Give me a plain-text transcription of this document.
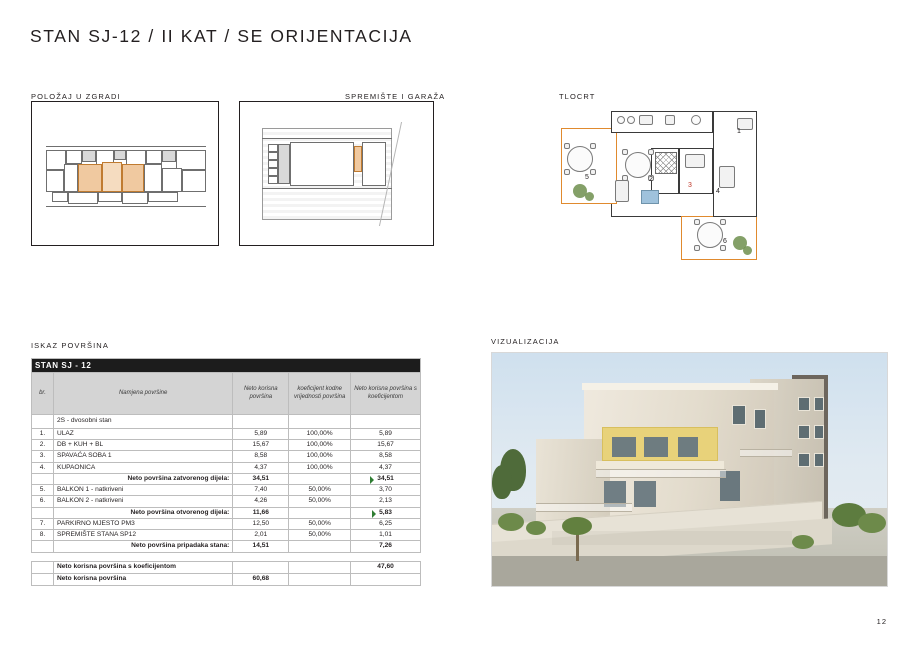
STAN SJ-12 / II KAT / SE ORIJENTACIJA
POLOŽAJ U ZGRADI	SPREMIŠTE I GARAŽA	TLOCRT
1
2
3
4
5
6
ISKAZ POVRŠINA
STAN SJ - 12				
br.	Namjena površine	Neto korisna površina	koeficijent kodne vrijednosti površina	Neto korisna površina s koeficijentom
	2S - dvosobni stan			
1.	ULAZ	5,89	100,00%	5,89
2.	DB + KUH + BL	15,67	100,00%	15,67
3.	SPAVAĆA SOBA 1	8,58	100,00%	8,58
4.	KUPAONICA	4,37	100,00%	4,37
	Neto površina zatvorenog dijela:	34,51		34,51
5.	BALKON 1 - natkriveni	7,40	50,00%	3,70
6.	BALKON 2 - natkriveni	4,26	50,00%	2,13
	Neto površina otvorenog dijela:	11,66		5,83
7.	PARKIRNO MJESTO PM3	12,50	50,00%	6,25
8.	SPREMIŠTE STANA SP12	2,01	50,00%	1,01
	Neto površina pripadaka stana:	14,51		7,26

	Neto korisna površina s koeficijentom			47,60
	Neto korisna površina	60,68		
VIZUALIZACIJA
12
